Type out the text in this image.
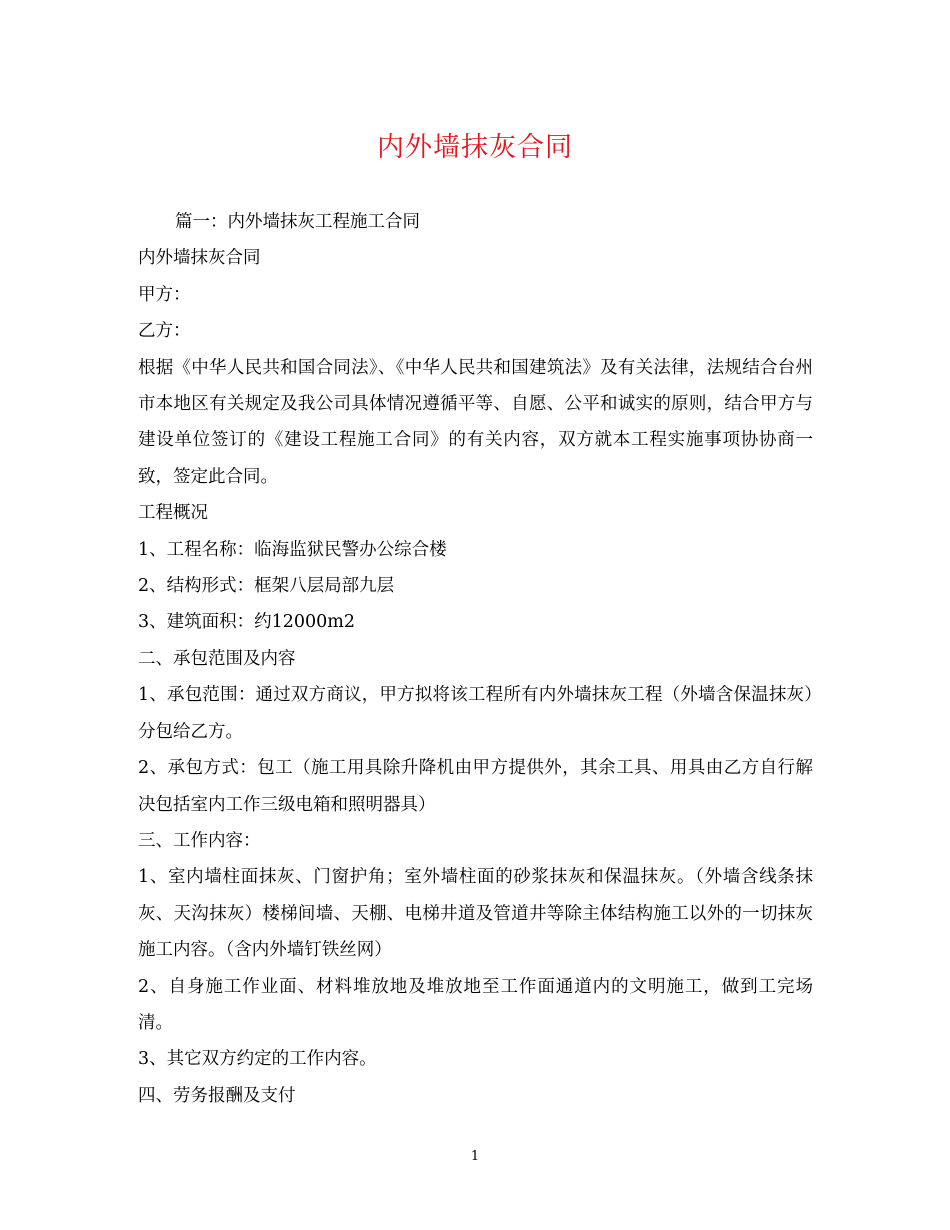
内外墙抹灰合同

篇一：内外墙抹灰工程施工合同

内外墙抹灰合同

甲方：

乙方：

根据《中华人民共和国合同法》、《中华人民共和国建筑法》及有关法律，法规结合台州市本地区有关规定及我公司具体情况遵循平等、自愿、公平和诚实的原则，结合甲方与建设单位签订的《建设工程施工合同》的有关内容，双方就本工程实施事项协协商一致，签定此合同。

工程概况

1、工程名称：临海监狱民警办公综合楼

2、结构形式：框架八层局部九层

3、建筑面积：约12000m2

二、承包范围及内容

1、承包范围：通过双方商议，甲方拟将该工程所有内外墙抹灰工程（外墙含保温抹灰）分包给乙方。

2、承包方式：包工（施工用具除升降机由甲方提供外，其余工具、用具由乙方自行解决包括室内工作三级电箱和照明器具）

三、工作内容：

1、室内墙柱面抹灰、门窗护角；室外墙柱面的砂浆抹灰和保温抹灰。（外墙含线条抹灰、天沟抹灰）楼梯间墙、天棚、电梯井道及管道井等除主体结构施工以外的一切抹灰施工内容。（含内外墙钉铁丝网）

2、自身施工作业面、材料堆放地及堆放地至工作面通道内的文明施工，做到工完场清。

3、其它双方约定的工作内容。

四、劳务报酬及支付

1
